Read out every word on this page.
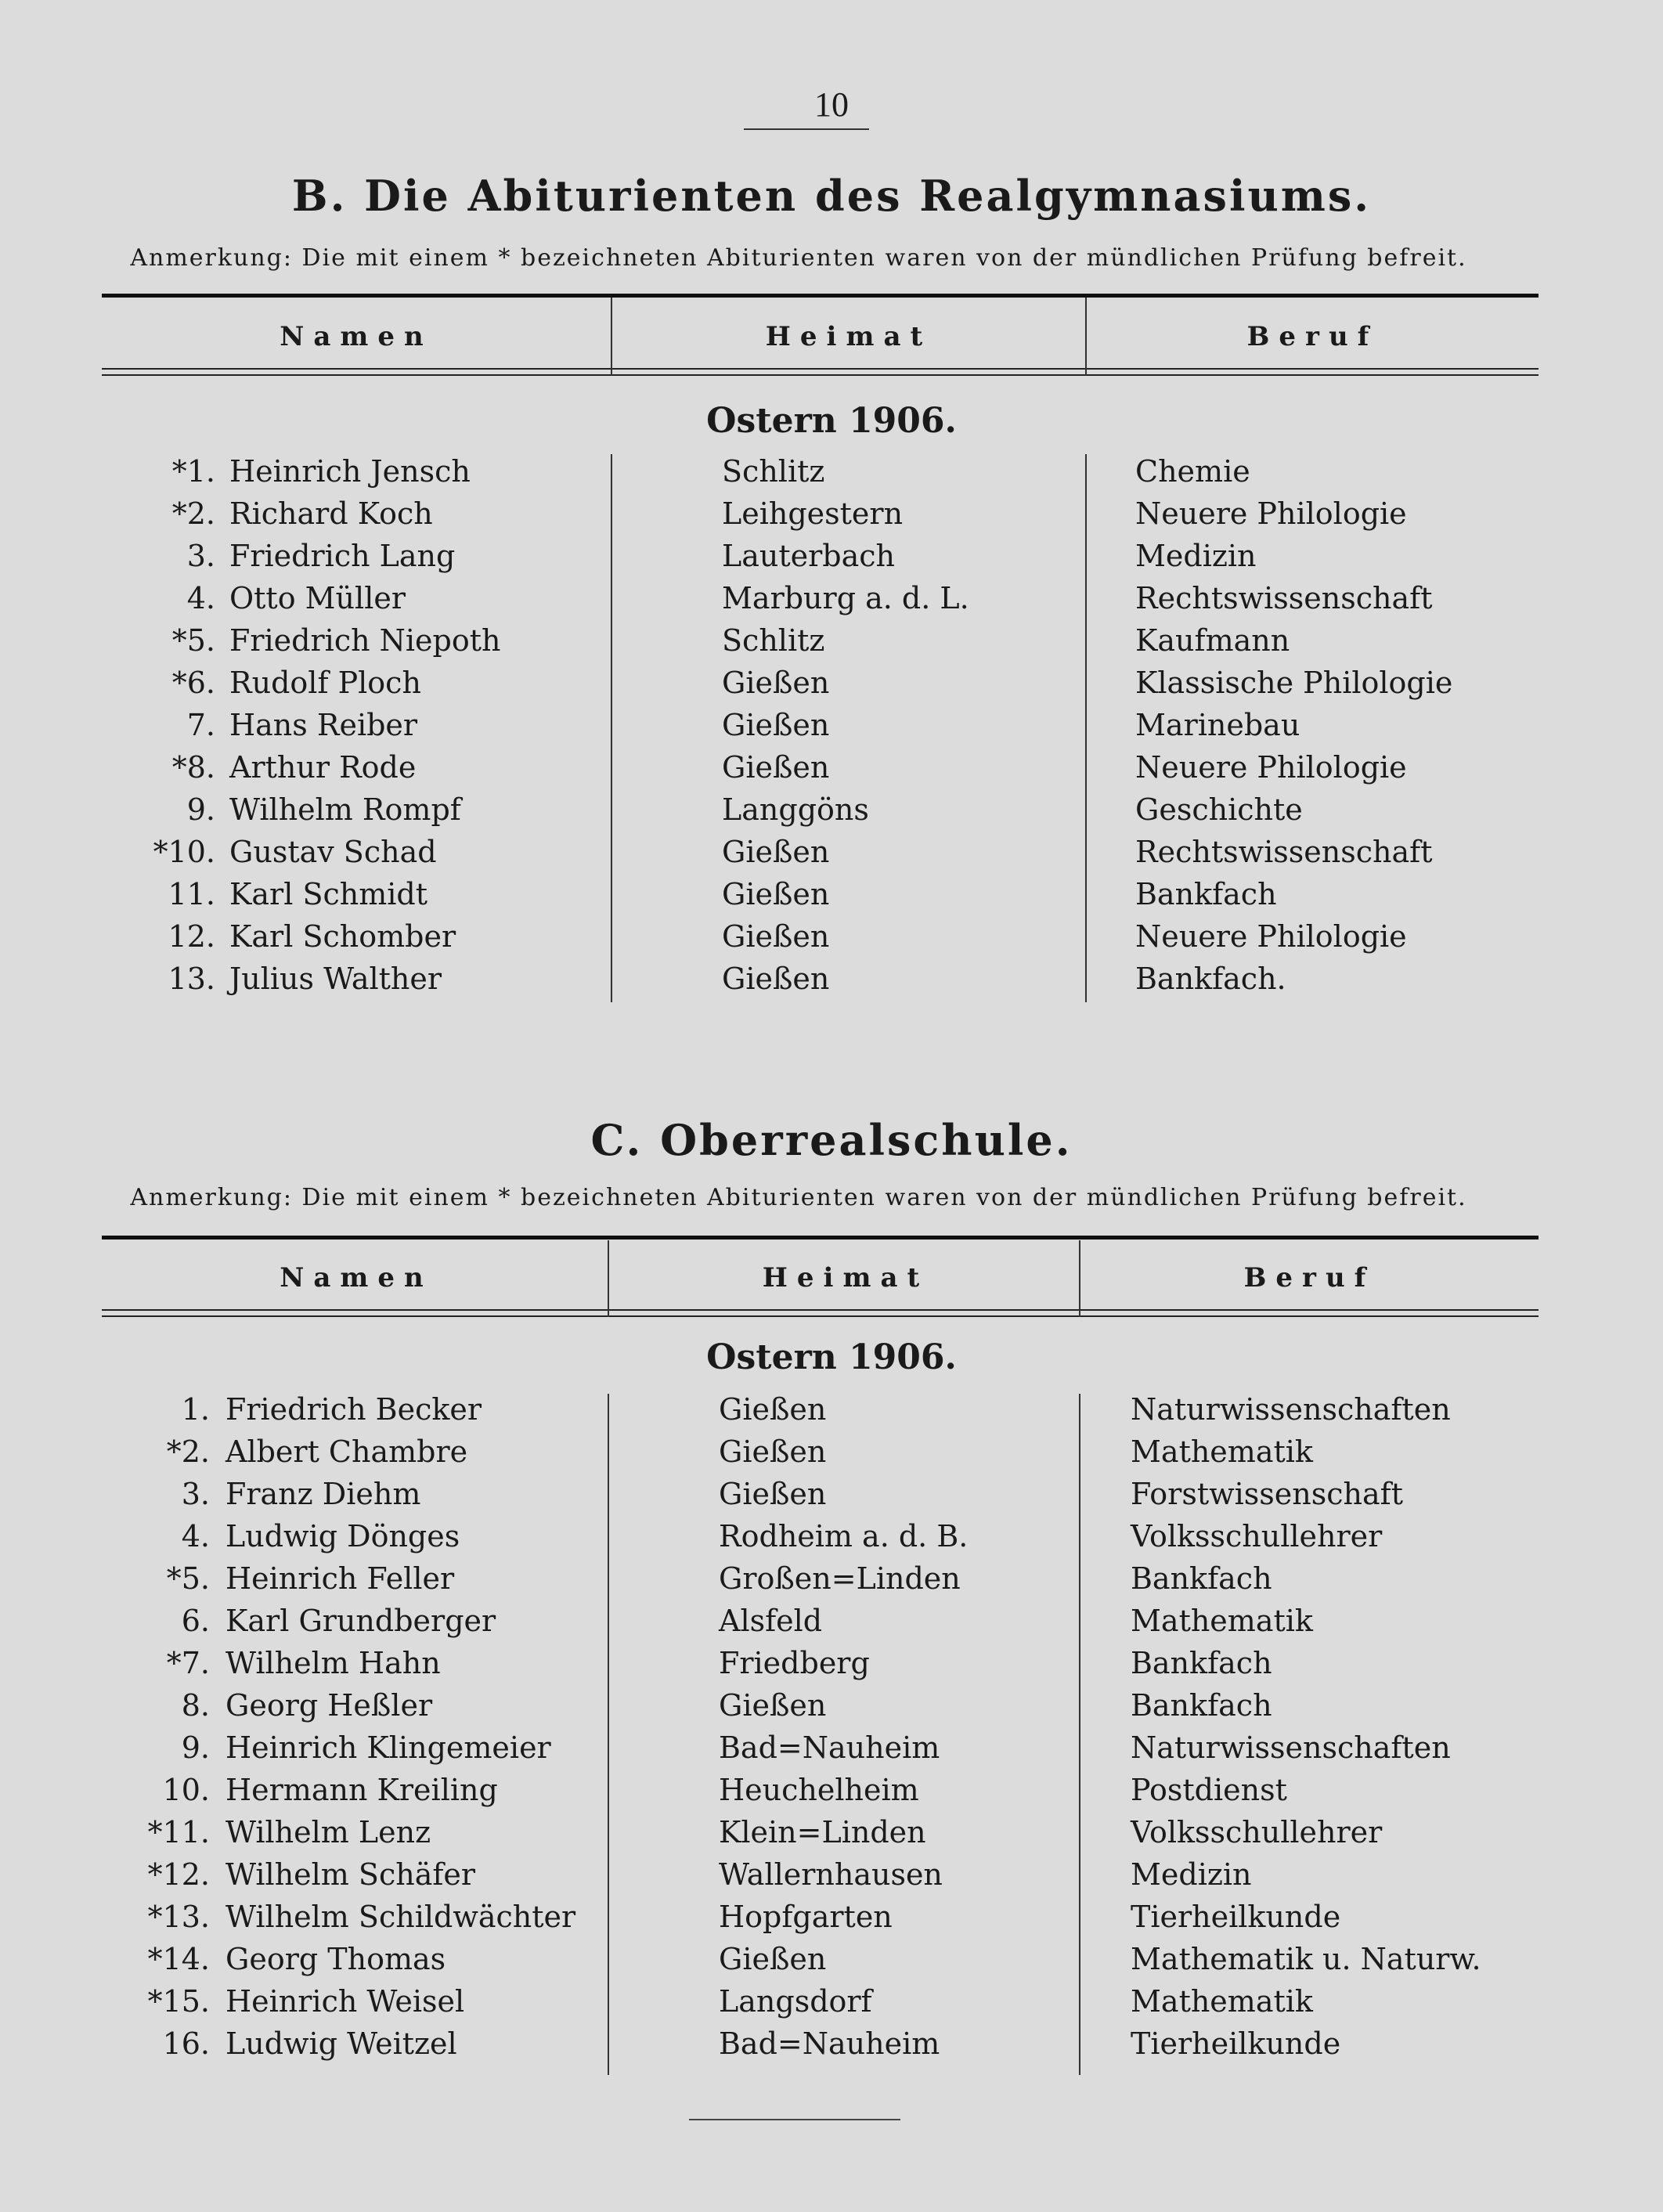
10
B. Die Abiturienten des Realgymnasiums.
Anmerkung: Die mit einem * bezeichneten Abiturienten waren von der mündlichen Prüfung befreit.
Namen	Heimat	Beruf
Ostern 1906.
*1. Heinrich Jensch	Schlitz	Chemie
*2. Richard Koch	Leihgestern	Neuere Philologie
3. Friedrich Lang	Lauterbach	Medizin
4. Otto Müller	Marburg a. d. L.	Rechtswissenschaft
*5. Friedrich Niepoth	Schlitz	Kaufmann
*6. Rudolf Ploch	Gießen	Klassische Philologie
7. Hans Reiber	Gießen	Marinebau
*8. Arthur Rode	Gießen	Neuere Philologie
9. Wilhelm Rompf	Langgöns	Geschichte
*10. Gustav Schad	Gießen	Rechtswissenschaft
11. Karl Schmidt	Gießen	Bankfach
12. Karl Schomber	Gießen	Neuere Philologie
13. Julius Walther	Gießen	Bankfach.
C. Oberrealschule.
Anmerkung: Die mit einem * bezeichneten Abiturienten waren von der mündlichen Prüfung befreit.
Namen	Heimat	Beruf
Ostern 1906.
1. Friedrich Becker	Gießen	Naturwissenschaften
*2. Albert Chambre	Gießen	Mathematik
3. Franz Diehm	Gießen	Forstwissenschaft
4. Ludwig Dönges	Rodheim a. d. B.	Volksschullehrer
*5. Heinrich Feller	Großen=Linden	Bankfach
6. Karl Grundberger	Alsfeld	Mathematik
*7. Wilhelm Hahn	Friedberg	Bankfach
8. Georg Heßler	Gießen	Bankfach
9. Heinrich Klingemeier	Bad=Nauheim	Naturwissenschaften
10. Hermann Kreiling	Heuchelheim	Postdienst
*11. Wilhelm Lenz	Klein=Linden	Volksschullehrer
*12. Wilhelm Schäfer	Wallernhausen	Medizin
*13. Wilhelm Schildwächter	Hopfgarten	Tierheilkunde
*14. Georg Thomas	Gießen	Mathematik u. Naturw.
*15. Heinrich Weisel	Langsdorf	Mathematik
16. Ludwig Weitzel	Bad=Nauheim	Tierheilkunde
